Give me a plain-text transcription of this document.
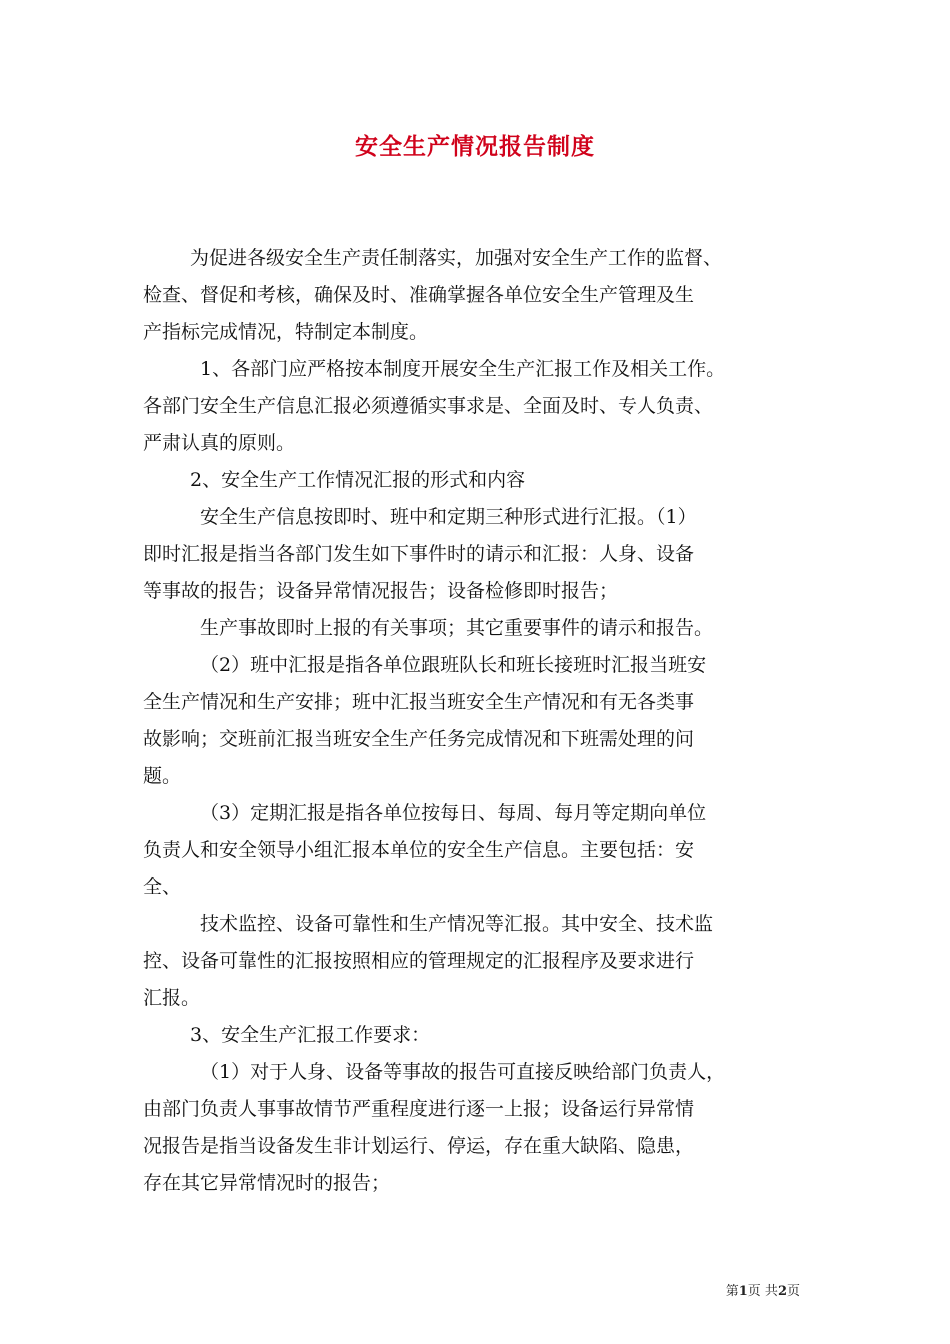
安全生产情况报告制度
为促进各级安全生产责任制落实，加强对安全生产工作的监督、
检查、督促和考核，确保及时、准确掌握各单位安全生产管理及生
产指标完成情况，特制定本制度。
1、各部门应严格按本制度开展安全生产汇报工作及相关工作。
各部门安全生产信息汇报必须遵循实事求是、全面及时、专人负责、
严肃认真的原则。
2、安全生产工作情况汇报的形式和内容
安全生产信息按即时、班中和定期三种形式进行汇报。（1）
即时汇报是指当各部门发生如下事件时的请示和汇报：人身、设备
等事故的报告；设备异常情况报告；设备检修即时报告；
生产事故即时上报的有关事项；其它重要事件的请示和报告。
（2）班中汇报是指各单位跟班队长和班长接班时汇报当班安
全生产情况和生产安排；班中汇报当班安全生产情况和有无各类事
故影响；交班前汇报当班安全生产任务完成情况和下班需处理的问
题。
（3）定期汇报是指各单位按每日、每周、每月等定期向单位
负责人和安全领导小组汇报本单位的安全生产信息。主要包括：安
全、
技术监控、设备可靠性和生产情况等汇报。其中安全、技术监
控、设备可靠性的汇报按照相应的管理规定的汇报程序及要求进行
汇报。
3、安全生产汇报工作要求：
（1）对于人身、设备等事故的报告可直接反映给部门负责人，
由部门负责人事事故情节严重程度进行逐一上报；设备运行异常情
况报告是指当设备发生非计划运行、停运，存在重大缺陷、隐患，
存在其它异常情况时的报告；
第1页 共2页
